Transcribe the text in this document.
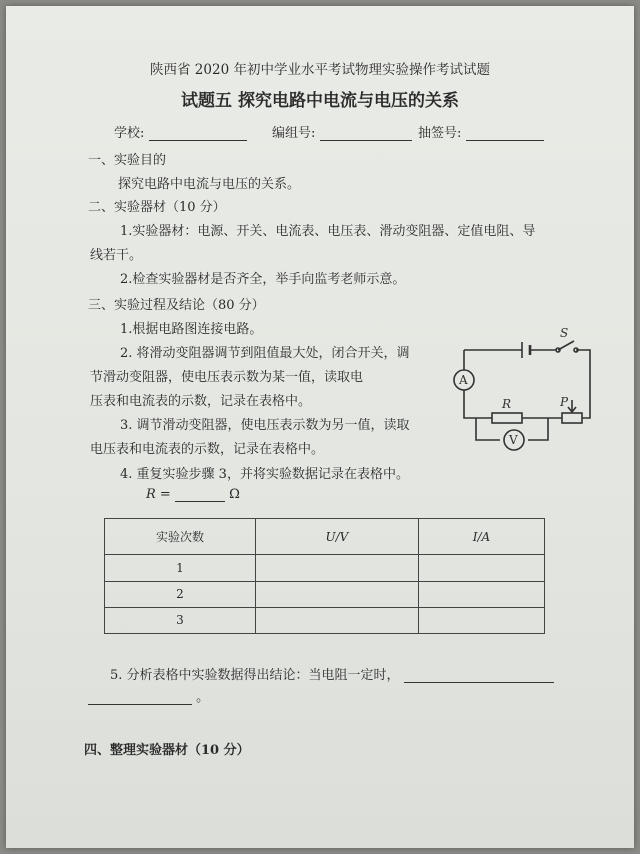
陕西省 2020 年初中学业水平考试物理实验操作考试试题
试题五 探究电路中电流与电压的关系
学校:	编组号:	抽签号:
一、实验目的
探究电路中电流与电压的关系。
二、实验器材（10 分）
1.实验器材：电源、开关、电流表、电压表、滑动变阻器、定值电阻、导
线若干。
2.检查实验器材是否齐全，举手向监考老师示意。
三、实验过程及结论（80 分）
1.根据电路图连接电路。
2. 将滑动变阻器调节到阻值最大处，闭合开关，调
节滑动变阻器，使电压表示数为某一值，读取电
压表和电流表的示数，记录在表格中。
3. 调节滑动变阻器，使电压表示数为另一值，读取
电压表和电流表的示数，记录在表格中。
4. 重复实验步骤 3，并将实验数据记录在表格中。
R =	Ω
S
A
R	P
V
实验次数	U/V	I/A
1		
2		
3		
5. 分析表格中实验数据得出结论：当电阻一定时，
。
四、整理实验器材（10 分）
